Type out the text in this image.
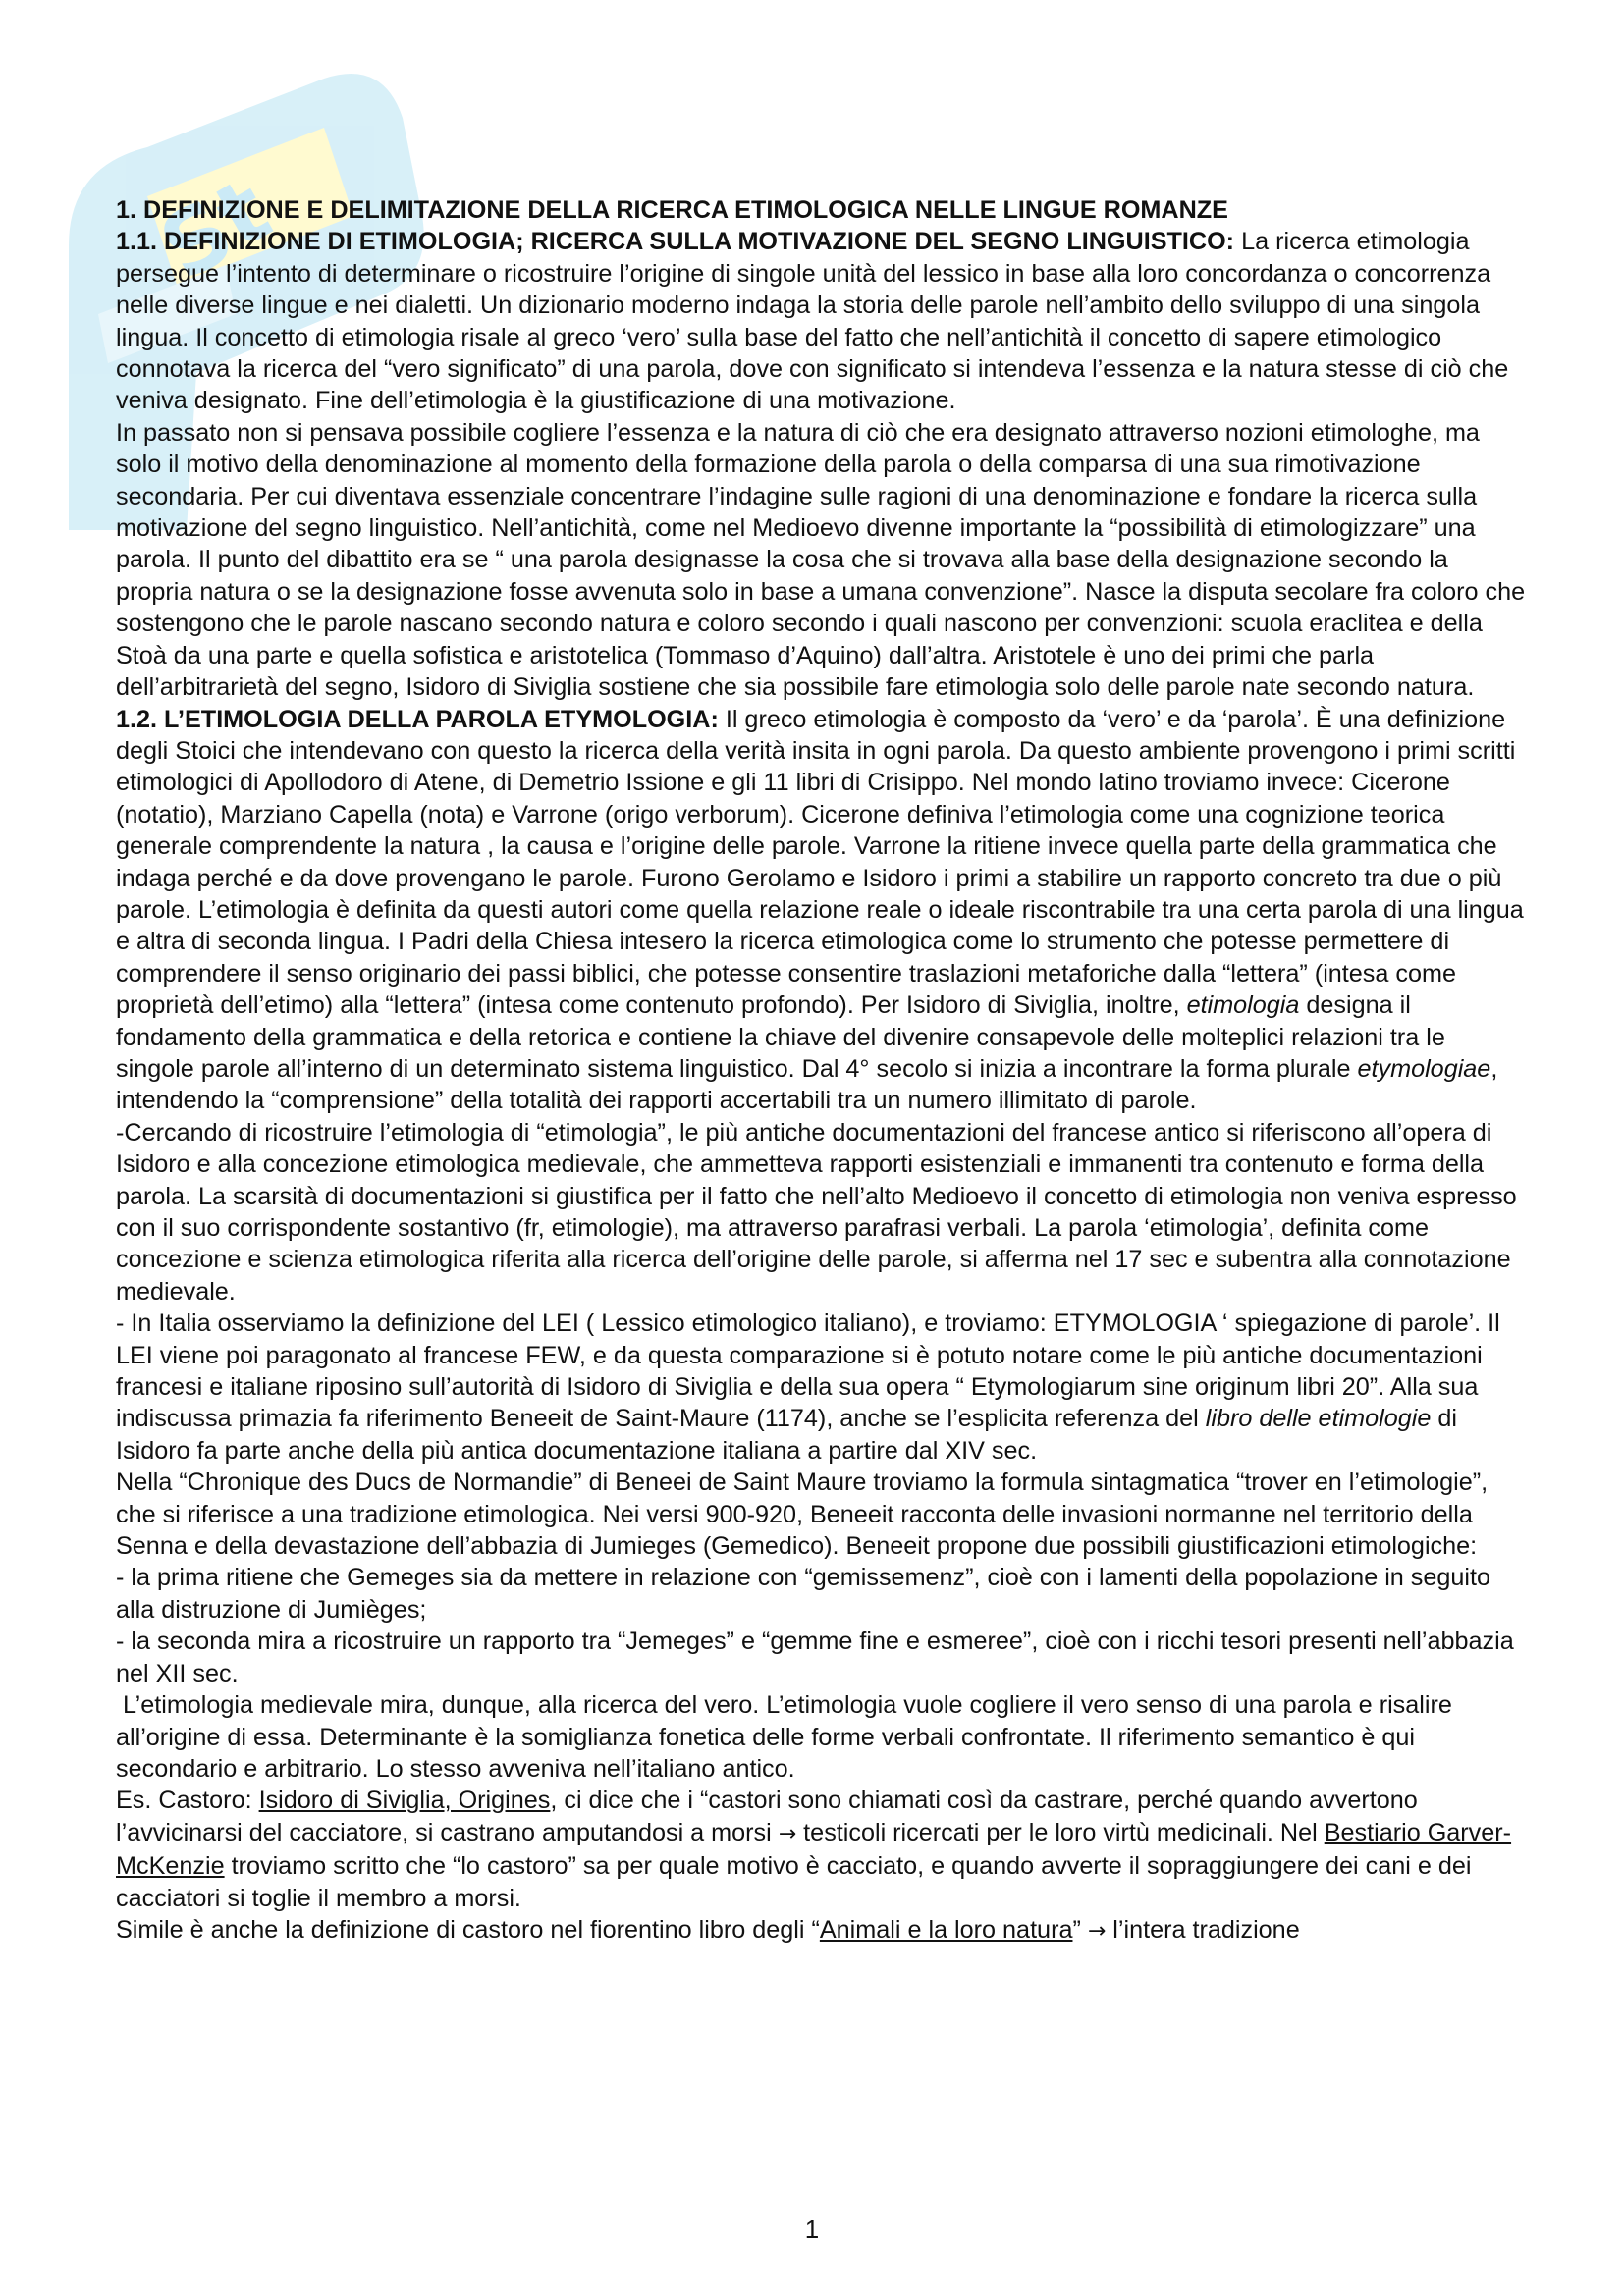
St

1. DEFINIZIONE E DELIMITAZIONE DELLA RICERCA ETIMOLOGICA NELLE LINGUE ROMANZE

1.1. DEFINIZIONE DI ETIMOLOGIA; RICERCA SULLA MOTIVAZIONE DEL SEGNO LINGUISTICO: La ricerca etimologia persegue l’intento di determinare o ricostruire l’origine di singole unità del lessico in base alla loro concordanza o concorrenza nelle diverse lingue e nei dialetti. Un dizionario moderno indaga la storia delle parole nell’ambito dello sviluppo di una singola lingua. Il concetto di etimologia risale al greco ‘vero’ sulla base del fatto che nell’antichità il concetto di sapere etimologico connotava la ricerca del “vero significato” di una parola, dove con significato si intendeva l’essenza e la natura stesse di ciò che veniva designato. Fine dell’etimologia è la giustificazione di una motivazione.

In passato non si pensava possibile cogliere l’essenza e la natura di ciò che era designato attraverso nozioni etimologhe, ma solo il motivo della denominazione al momento della formazione della parola o della comparsa di una sua rimotivazione secondaria. Per cui diventava essenziale concentrare l’indagine sulle ragioni di una denominazione e fondare la ricerca sulla motivazione del segno linguistico. Nell’antichità, come nel Medioevo divenne importante la “possibilità di etimologizzare” una parola. Il punto del dibattito era se “ una parola designasse la cosa che si trovava alla base della designazione secondo la propria natura o se la designazione fosse avvenuta solo in base a umana convenzione”. Nasce la disputa secolare fra coloro che sostengono che le parole nascano secondo natura e coloro secondo i quali nascono per convenzioni: scuola eraclitea e della Stoà da una parte e quella sofistica e aristotelica (Tommaso d’Aquino) dall’altra. Aristotele è uno dei primi che parla dell’arbitrarietà del segno, Isidoro di Siviglia sostiene che sia possibile fare etimologia solo delle parole nate secondo natura.

1.2. L’ETIMOLOGIA DELLA PAROLA ETYMOLOGIA: Il greco etimologia è composto da ‘vero’ e da ‘parola’. È una definizione degli Stoici che intendevano con questo la ricerca della verità insita in ogni parola. Da questo ambiente provengono i primi scritti etimologici di Apollodoro di Atene, di Demetrio Issione e gli 11 libri di Crisippo. Nel mondo latino troviamo invece: Cicerone (notatio), Marziano Capella (nota) e Varrone (origo verborum). Cicerone definiva l’etimologia come una cognizione teorica generale comprendente la natura , la causa e l’origine delle parole. Varrone la ritiene invece quella parte della grammatica che indaga perché e da dove provengano le parole. Furono Gerolamo e Isidoro i primi a stabilire un rapporto concreto tra due o più parole. L’etimologia è definita da questi autori come quella relazione reale o ideale riscontrabile tra una certa parola di una lingua e altra di seconda lingua. I Padri della Chiesa intesero la ricerca etimologica come lo strumento che potesse permettere di comprendere il senso originario dei passi biblici, che potesse consentire traslazioni metaforiche dalla “lettera” (intesa come proprietà dell’etimo) alla “lettera” (intesa come contenuto profondo). Per Isidoro di Siviglia, inoltre, etimologia designa il fondamento della grammatica e della retorica e contiene la chiave del divenire consapevole delle molteplici relazioni tra le singole parole all’interno di un determinato sistema linguistico. Dal 4° secolo si inizia a incontrare la forma plurale etymologiae, intendendo la “comprensione” della totalità dei rapporti accertabili tra un numero illimitato di parole.

-Cercando di ricostruire l’etimologia di “etimologia”, le più antiche documentazioni del francese antico si riferiscono all’opera di Isidoro e alla concezione etimologica medievale, che ammetteva rapporti esistenziali e immanenti tra contenuto e forma della parola. La scarsità di documentazioni si giustifica per il fatto che nell’alto Medioevo il concetto di etimologia non veniva espresso con il suo corrispondente sostantivo (fr, etimologie), ma attraverso parafrasi verbali. La parola ‘etimologia’, definita come concezione e scienza etimologica riferita alla ricerca dell’origine delle parole, si afferma nel 17 sec e subentra alla connotazione medievale.

- In Italia osserviamo la definizione del LEI ( Lessico etimologico italiano), e troviamo: ETYMOLOGIA ‘ spiegazione di parole’. Il LEI viene poi paragonato al francese FEW, e da questa comparazione si è potuto notare come le più antiche documentazioni francesi e italiane riposino sull’autorità di Isidoro di Siviglia e della sua opera “ Etymologiarum sine originum libri 20”. Alla sua indiscussa primazia fa riferimento Beneeit de Saint-Maure (1174), anche se l’esplicita referenza del libro delle etimologie di Isidoro fa parte anche della più antica documentazione italiana a partire dal XIV sec.

Nella “Chronique des Ducs de Normandie” di Beneei de Saint Maure troviamo la formula sintagmatica “trover en l’etimologie”, che si riferisce a una tradizione etimologica. Nei versi 900-920, Beneeit racconta delle invasioni normanne nel territorio della Senna e della devastazione dell’abbazia di Jumieges (Gemedico). Beneeit propone due possibili giustificazioni etimologiche:

- la prima ritiene che Gemeges sia da mettere in relazione con “gemissemenz”, cioè con i lamenti della popolazione in seguito alla distruzione di Jumièges;

- la seconda mira a ricostruire un rapporto tra “Jemeges” e “gemme fine e esmeree”, cioè con i ricchi tesori presenti nell’abbazia nel XII sec.

L’etimologia medievale mira, dunque, alla ricerca del vero. L’etimologia vuole cogliere il vero senso di una parola e risalire all’origine di essa. Determinante è la somiglianza fonetica delle forme verbali confrontate. Il riferimento semantico è qui secondario e arbitrario. Lo stesso avveniva nell’italiano antico.

Es. Castoro: Isidoro di Siviglia, Origines, ci dice che i “castori sono chiamati così da castrare, perché quando avvertono l’avvicinarsi del cacciatore, si castrano amputandosi a morsi → testicoli ricercati per le loro virtù medicinali. Nel Bestiario Garver-McKenzie troviamo scritto che “lo castoro” sa per quale motivo è cacciato, e quando avverte il sopraggiungere dei cani e dei cacciatori si toglie il membro a morsi.

Simile è anche la definizione di castoro nel fiorentino libro degli “Animali e la loro natura” → l’intera tradizione

1
